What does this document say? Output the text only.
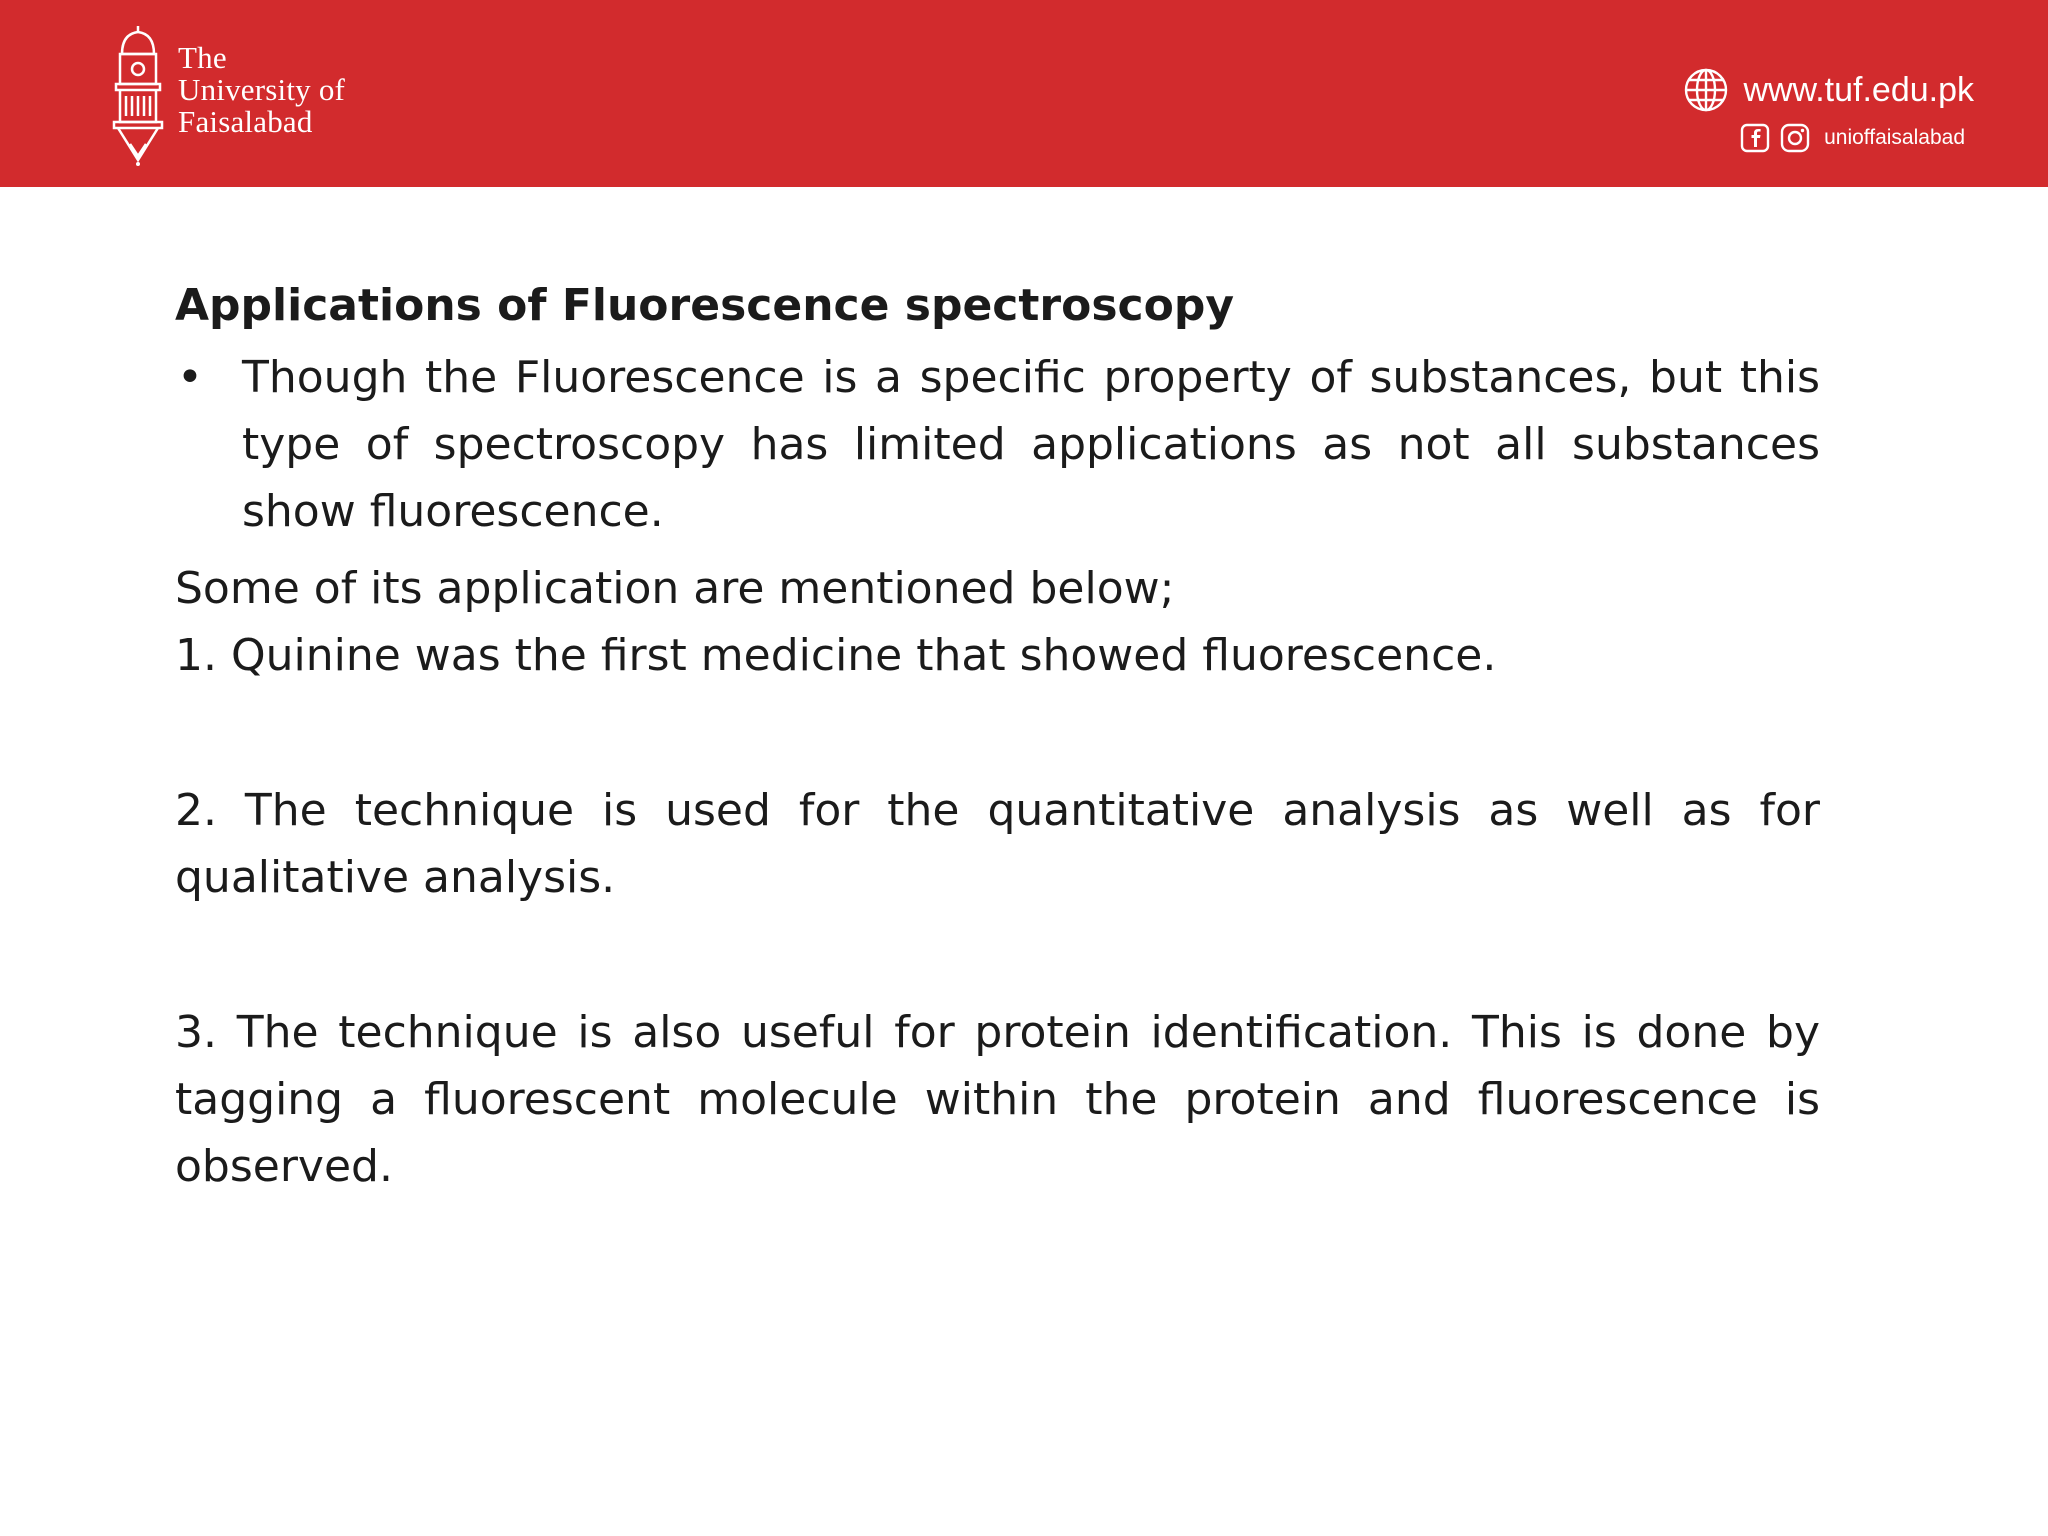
The
University of
Faisalabad
www.tuf.edu.pk
unioffaisalabad
Applications of Fluorescence spectroscopy
• Though the Fluorescence is a specific property of substances, but this type of spectroscopy has limited applications as not all substances show fluorescence.

Some of its application are mentioned below;

1. Quinine was the first medicine that showed fluorescence.

2. The technique is used for the quantitative analysis as well as for qualitative analysis.

3. The technique is also useful for protein identification. This is done by tagging a fluorescent molecule within the protein and fluorescence is observed.
